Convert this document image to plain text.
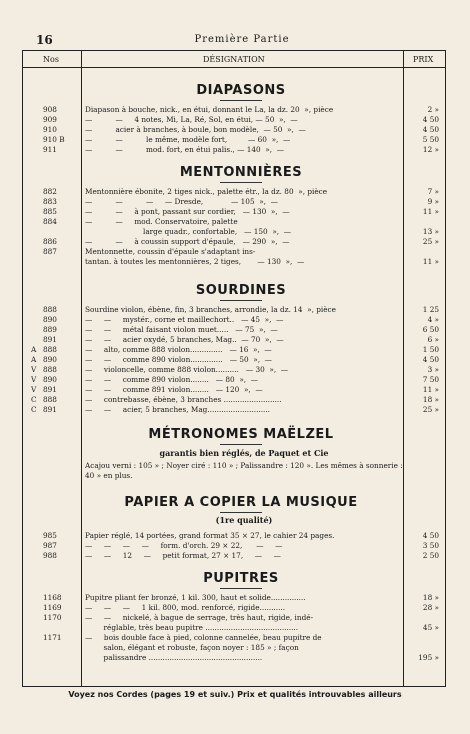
16	Première Partie
Nos	DÉSIGNATION	PRIX
DIAPASONS
908	Diapason à bouche, nick., en étui, donnant le La, la dz. 20  », pièce	2 »
909	—          —     4 notes, Mi, La, Ré, Sol, en étui, — 50  »,  —	4 50
910	—          acier à branches, à boule, bon modèle,  — 50  »,  —	4 50
910 B	—          —          le même, modèle fort,         — 60  »,  —	5 50
911	—          —          mod. fort, en étui palis., — 140  »,  —	12 »
MENTONNIÈRES
882	Mentonnière ébonite, 2 tiges nick., palette étr., la dz. 80  », pièce	7 »
883	—          —          —     — Dresde,            — 105  »,  —	9 »
885	—          —     à pont, passant sur cordier,   — 130  »,  —	11 »
884	—          —     mod. Conservatoire, palette
large quadr., confortable,   — 150  »,  —	13 »
886	—          —     à coussin support d'épaule,   — 290  »,  —	25 »
887	Mentonnette, coussin d'épaule s'adaptant ins-
tantan. à toutes les mentonnières, 2 tiges,       — 130  »,  —	11 »
SOURDINES
888	Sourdine violon, ébène, fin, 3 branches, arrondie, la dz. 14  », pièce	1 25
890	—     —     mystér., corne et maillechort..   — 45  »,  —	4 »
889	—     —     métal faisant violon muet.....   — 75  »,  —	6 50
891	—     —     acier oxydé, 5 branches, Mag..  — 70  »,  —	6 »
A 888	—     alto, comme 888 violon..............   — 16  »,  —	1 50
A 890	—     —     comme 890 violon..............   — 50  »,  —	4 50
V 888	—     violoncelle, comme 888 violon..........   — 30  »,  —	3 »
V 890	—     —     comme 890 violon........   — 80  »,  —	7 50
V 891	—     —     comme 891 violon........   — 120  »,  —	11 »
C 888	—     contrebasse, ébène, 3 branches .........................	18 »
C 891	—     —     acier, 5 branches, Mag...........................	25 »
MÉTRONOMES MAËLZEL
garantis bien réglés, de Paquet et Cie
Acajou verni : 105 » ; Noyer ciré : 110 » ; Palissandre : 120 ». Les mêmes à sonnerie : 40 » en plus.
PAPIER A COPIER LA MUSIQUE
(1re qualité)
985	Papier réglé, 14 portées, grand format 35 × 27, le cahier 24 pages.	4 50
987	—     —     —     —     form. d'orch. 29 × 22,      —     —	3 50
988	—     —     12     —     petit format, 27 × 17,     —     —	2 50
PUPITRES
1168	Pupitre pliant fer bronzé, 1 kil. 300, haut et solide...............	18 »
1169	—     —     —     1 kil. 800, mod. renforcé, rigide...........	28 »
1170	—     —     nickelé, à bague de serrage, très haut, rigide, indé-
réglable, très beau pupitre ........................................	45 »
1171	—     bois double face à pied, colonne cannelée, beau pupitre de
salon, élégant et robuste, façon noyer : 185 » ; façon
palissandre .................................................	195 »
Voyez nos Cordes (pages 19 et suiv.) Prix et qualités introuvables ailleurs
